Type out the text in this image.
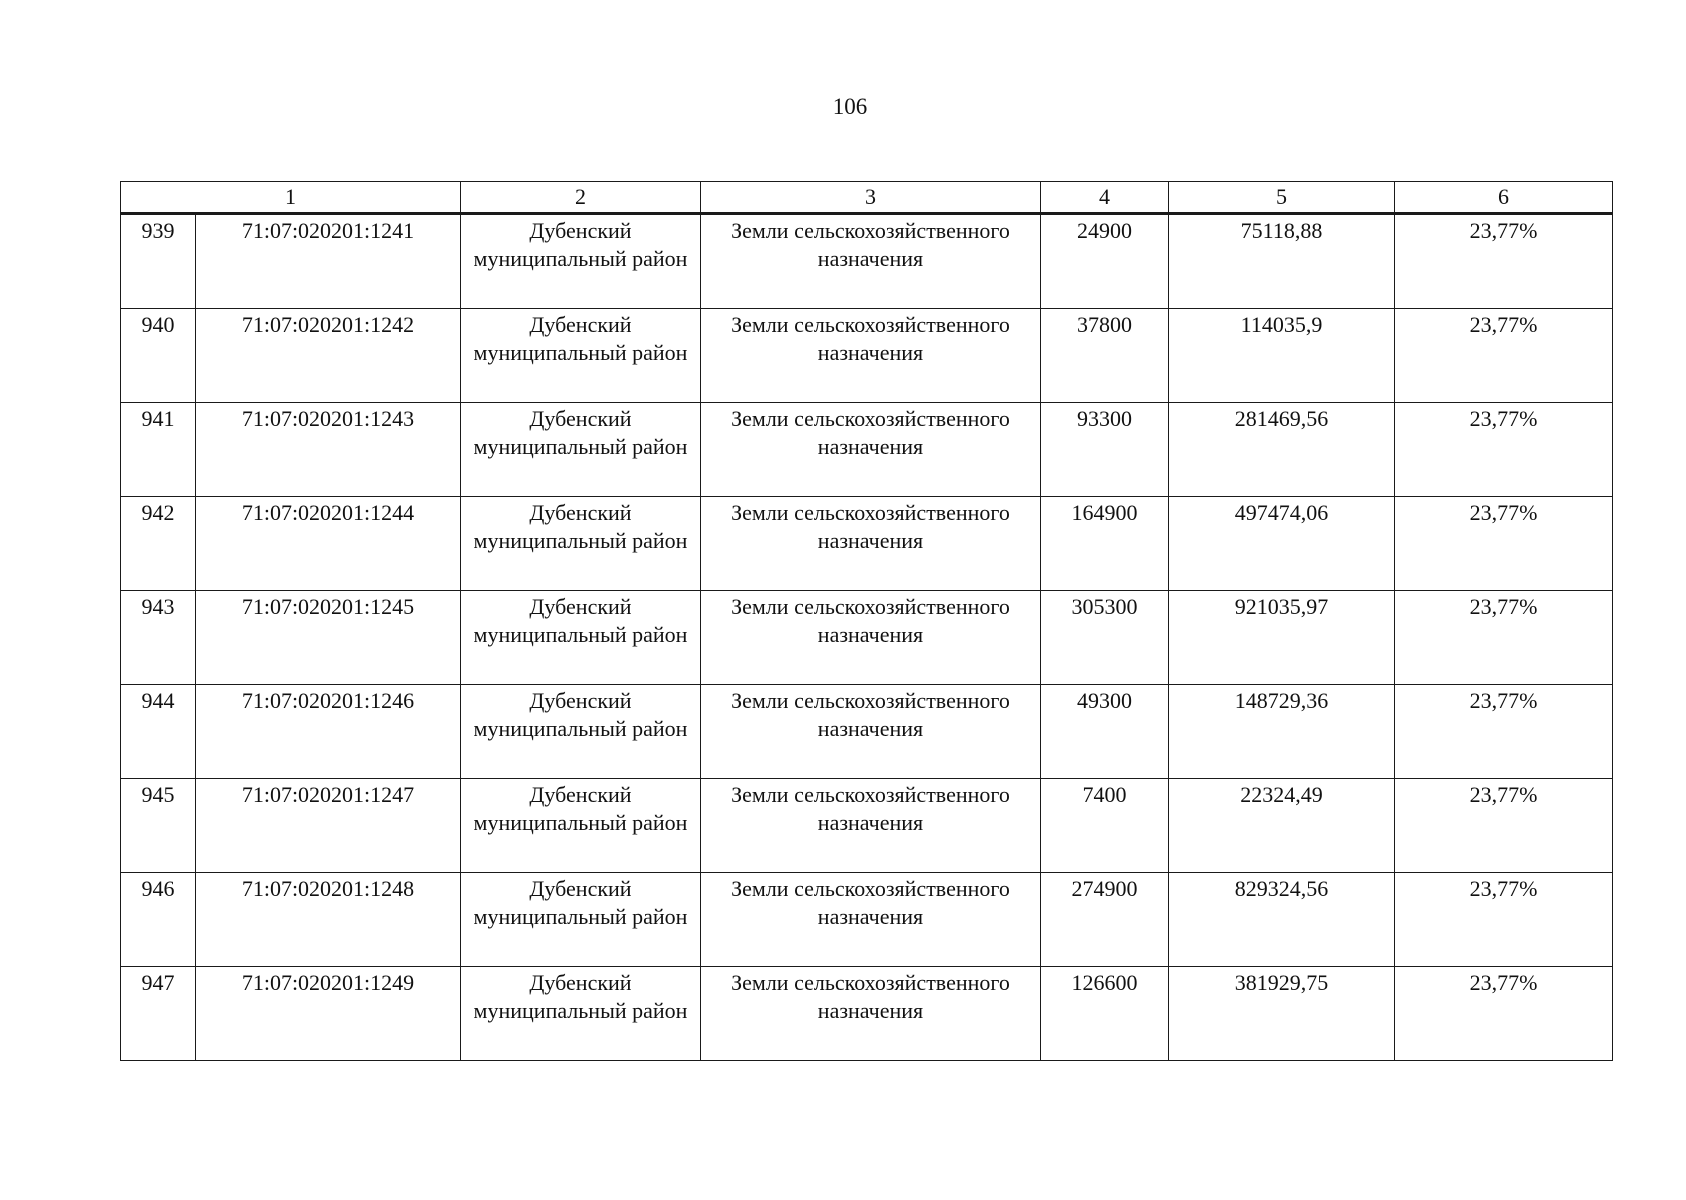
106
1		2	3	4	5	6
939	71:07:020201:1241	Дубенский муниципальный район	Земли сельскохозяйственного назначения	24900	75118,88	23,77%
940	71:07:020201:1242	Дубенский муниципальный район	Земли сельскохозяйственного назначения	37800	114035,9	23,77%
941	71:07:020201:1243	Дубенский муниципальный район	Земли сельскохозяйственного назначения	93300	281469,56	23,77%
942	71:07:020201:1244	Дубенский муниципальный район	Земли сельскохозяйственного назначения	164900	497474,06	23,77%
943	71:07:020201:1245	Дубенский муниципальный район	Земли сельскохозяйственного назначения	305300	921035,97	23,77%
944	71:07:020201:1246	Дубенский муниципальный район	Земли сельскохозяйственного назначения	49300	148729,36	23,77%
945	71:07:020201:1247	Дубенский муниципальный район	Земли сельскохозяйственного назначения	7400	22324,49	23,77%
946	71:07:020201:1248	Дубенский муниципальный район	Земли сельскохозяйственного назначения	274900	829324,56	23,77%
947	71:07:020201:1249	Дубенский муниципальный район	Земли сельскохозяйственного назначения	126600	381929,75	23,77%
